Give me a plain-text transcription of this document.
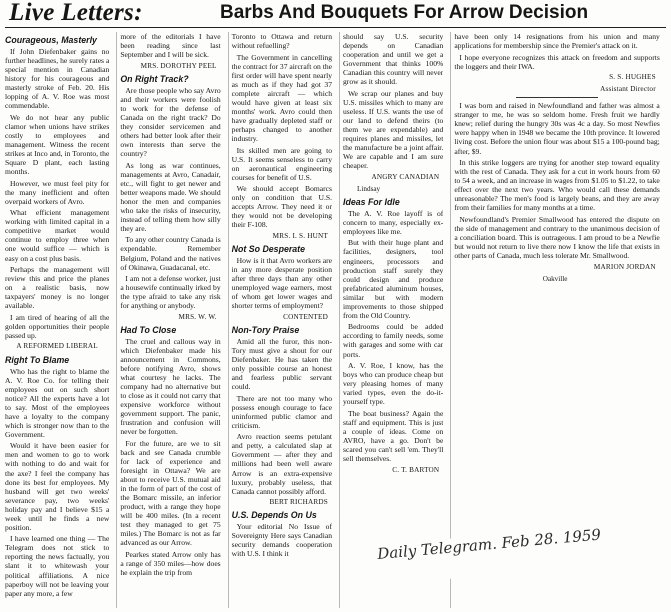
Live Letters:	Barbs And Bouquets For Arrow Decision
Courageous, Masterly

If John Diefenbaker gains no further headlines, he surely rates a special mention in Canadian history for his courageous and masterly stroke of Feb. 20. His lopping of A. V. Roe was most commendable.

We do not hear any public clamor when unions have strikes costly to employees and management. Witness the recent strikes at Inco and, in Toronto, the Square D plant, each lasting months.

However, we must feel pity for the many inefficient and often overpaid workers of Avro.

What efficient management working with limited capital in a competitive market would continue to employ three when one would suffice — which is easy on a cost plus basis.

Perhaps the management will review this and price the planes on a realistic basis, now taxpayers' money is no longer available.

I am tired of hearing of all the golden opportunities their people passed up.

A REFORMED LIBERAL
Right To Blame

Who has the right to blame the A. V. Roe Co. for telling their employees out on such short notice? All the experts have a lot to say. Most of the employees have a loyalty to the company which is stronger now than to the Government.

Would it have been easier for men and women to go to work with nothing to do and wait for the axe? I feel the company has done its best for employees. My husband will get two weeks' severance pay, two weeks' holiday pay and I believe $15 a week until he finds a new position.

I have learned one thing — The Telegram does not stick to reporting the news factually, you slant it to whitewash your political affiliations. A nice paperboy will not be leaving your paper any more, a few

more of the editorials I have been reading since last September and I will be sick.

MRS. DOROTHY PEEL
On Right Track?

Are those people who say Avro and their workers were foolish to work for the defense of Canada on the right track? Do they consider servicemen and others had better look after their own interests than serve the country?

As long as war continues, managements at Avro, Canadair, etc., will fight to get newer and better weapons made. We should honor the men and companies who take the risks of insecurity, instead of telling them how silly they are.

To any other country Canada is expendable. Remember Belgium, Poland and the natives of Okinawa, Guadacanal, etc.

I am not a defense worker, just a housewife continually irked by the type afraid to take any risk for anything or anybody.

MRS. W. W.
Had To Close

The cruel and callous way in which Diefenbaker made his announcement in Commons, before notifying Avro, shows what courtesy he lacks. The company had no alternative but to close as it could not carry that expensive workforce without government support. The panic, frustration and confusion will never be forgotten.

For the future, are we to sit back and see Canada crumble for lack of experience and foresight in Ottawa? We are about to receive U.S. mutual aid in the form of part of the cost of the Bomarc missile, an inferior product, with a range they hope will be 400 miles. (In a recent test they managed to get 75 miles.) The Bomarc is not as far advanced as our Arrow.

Pearkes stated Arrow only has a range of 350 miles—how does he explain the trip from

Toronto to Ottawa and return without refuelling?

The Government in cancelling the contract for 37 aircraft on the first order will have spent nearly as much as if they had got 37 complete aircraft — which would have given at least six months' work. Avro could then have gradually depleted staff or perhaps changed to another industry.

Its skilled men are going to U.S. It seems senseless to carry on aeronautical engineering courses for benefit of U.S.

We should accept Bomarcs only on condition that U.S. accepts Arrow. They need it or they would not be developing their F-108.

MRS. I. S. HUNT
Not So Desperate

How is it that Avro workers are in any more desperate position after three days than any other unemployed wage earners, most of whom get lower wages and shorter terms of employment?

CONTENTED
Non-Tory Praise

Amid all the furor, this non-Tory must give a shout for our Diefenbaker. He has taken the only possible course an honest and fearless public servant could.

There are not too many who possess enough courage to face uninformed public clamor and criticism.

Avro reaction seems petulant and petty, a calculated slap at Government — after they and millions had been well aware Arrow is an extra-expensive luxury, probably useless, that Canada cannot possibly afford.

BERT RICHARDS
U.S. Depends On Us

Your editorial No Issue of Sovereignty Here says Canadian security demands cooperation with U.S. I think it

should say U.S. security depends on Canadian cooperation and until we get a Government that thinks 100% Canadian this country will never grow as it should.

We scrap our planes and buy U.S. missiles which to many are useless. If U.S. wants the use of our land to defend theirs (to them we are expendable) and requires planes and missiles, let the manufacture be a joint affair. We are capable and I am sure cheaper.

ANGRY CANADIAN
Lindsay
Ideas For Idle

The A. V. Roe layoff is of concern to many, especially ex-employees like me.

But with their huge plant and facilities, designers, tool engineers, processors and production staff surely they could design and produce prefabricated aluminum houses, similar but with modern improvements to those shipped from the Old Country.

Bedrooms could be added according to family needs, some with garages and some with car ports.

A. V. Roe, I know, has the boys who can produce cheap but very pleasing homes of many varied types, even the do-it-yourself type.

The boat business? Again the staff and equipment. This is just a couple of ideas. Come on AVRO, have a go. Don't be scared you can't sell 'em. They'll sell themselves.

C. T. BARTON

have been only 14 resignations from his union and many applications for membership since the Premier's attack on it.

I hope everyone recognizes this attack on freedom and supports the loggers and their IWA.

S. S. HUGHES
Assistant Director

I was born and raised in Newfoundland and father was almost a stranger to me, he was so seldom home. Fresh fruit we hardly knew; relief during the hungry 30s was 4c a day. So most Newfies were happy when in 1948 we became the 10th province. It lowered living cost. Before the union flour was about $15 a 100-pound bag; after, $9.

In this strike loggers are trying for another step toward equality with the rest of Canada. They ask for a cut in work hours from 60 to 54 a week, and an increase in wages from $1.05 to $1.22, to take effect over the next two years. Who would call these demands unreasonable? The men's food is largely beans, and they are away from their families for many months at a time.

Newfoundland's Premier Smallwood has entered the dispute on the side of management and contrary to the unanimous decision of a conciliation board. This is outrageous. I am proud to be a Newfie but would not return to live there now I know the life that exists in other parts of Canada, much less tolerate Mr. Smallwood.

MARION JORDAN
Oakville
Daily Telegram. Feb 28. 1959
